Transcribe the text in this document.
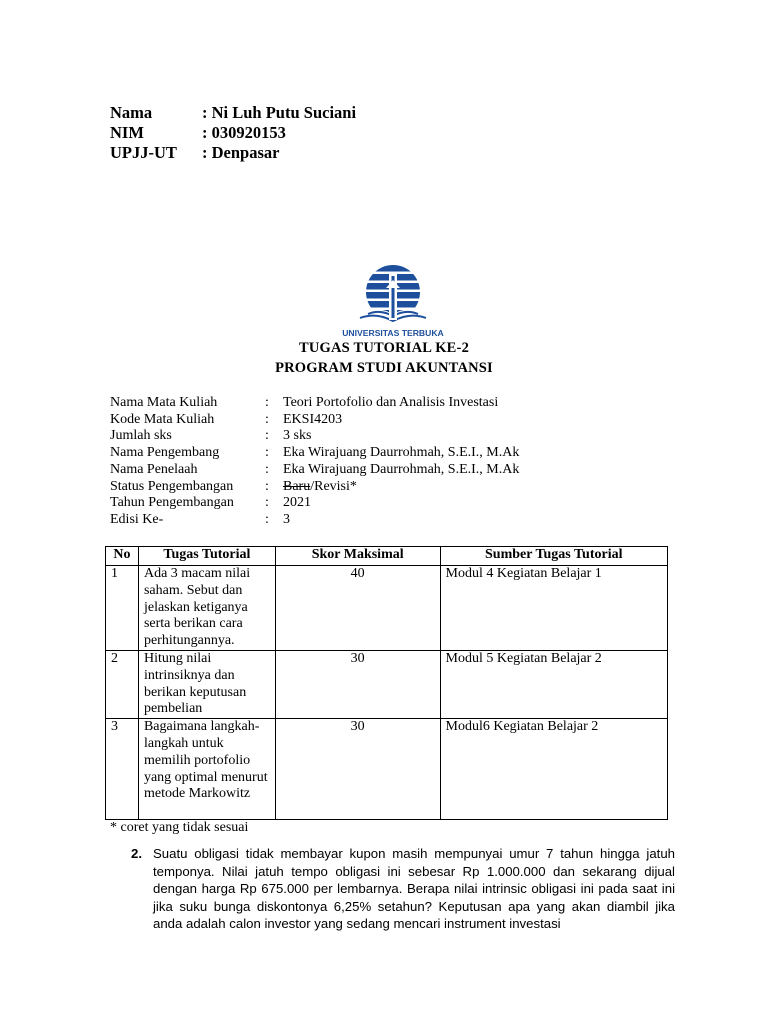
Nama	: Ni Luh Putu Suciani
NIM	: 030920153
UPJJ-UT	: Denpasar
UNIVERSITAS TERBUKA
TUGAS TUTORIAL KE-2
PROGRAM STUDI AKUNTANSI
Nama Mata Kuliah	:	Teori Portofolio dan Analisis Investasi
Kode Mata Kuliah	:	EKSI4203
Jumlah sks	:	3 sks
Nama Pengembang	:	Eka Wirajuang Daurrohmah, S.E.I., M.Ak
Nama Penelaah	:	Eka Wirajuang Daurrohmah, S.E.I., M.Ak
Status Pengembangan	:	Baru/Revisi*
Tahun Pengembangan	:	2021
Edisi Ke-	:	3
No	Tugas Tutorial	Skor Maksimal	Sumber Tugas Tutorial
1	Ada 3 macam nilai saham. Sebut dan jelaskan ketiganya serta berikan cara perhitungannya.	40	Modul 4 Kegiatan Belajar 1
2	Hitung nilai intrinsiknya dan berikan keputusan pembelian	30	Modul 5 Kegiatan Belajar 2
3	Bagaimana langkah-langkah untuk memilih portofolio yang optimal menurut metode Markowitz	30	Modul6 Kegiatan Belajar 2
* coret yang tidak sesuai
2. Suatu obligasi tidak membayar kupon masih mempunyai umur 7 tahun hingga jatuh temponya. Nilai jatuh tempo obligasi ini sebesar Rp 1.000.000 dan sekarang dijual dengan harga Rp 675.000 per lembarnya. Berapa nilai intrinsic obligasi ini pada saat ini jika suku bunga diskontonya 6,25% setahun? Keputusan apa yang akan diambil jika anda adalah calon investor yang sedang mencari instrument investasi
